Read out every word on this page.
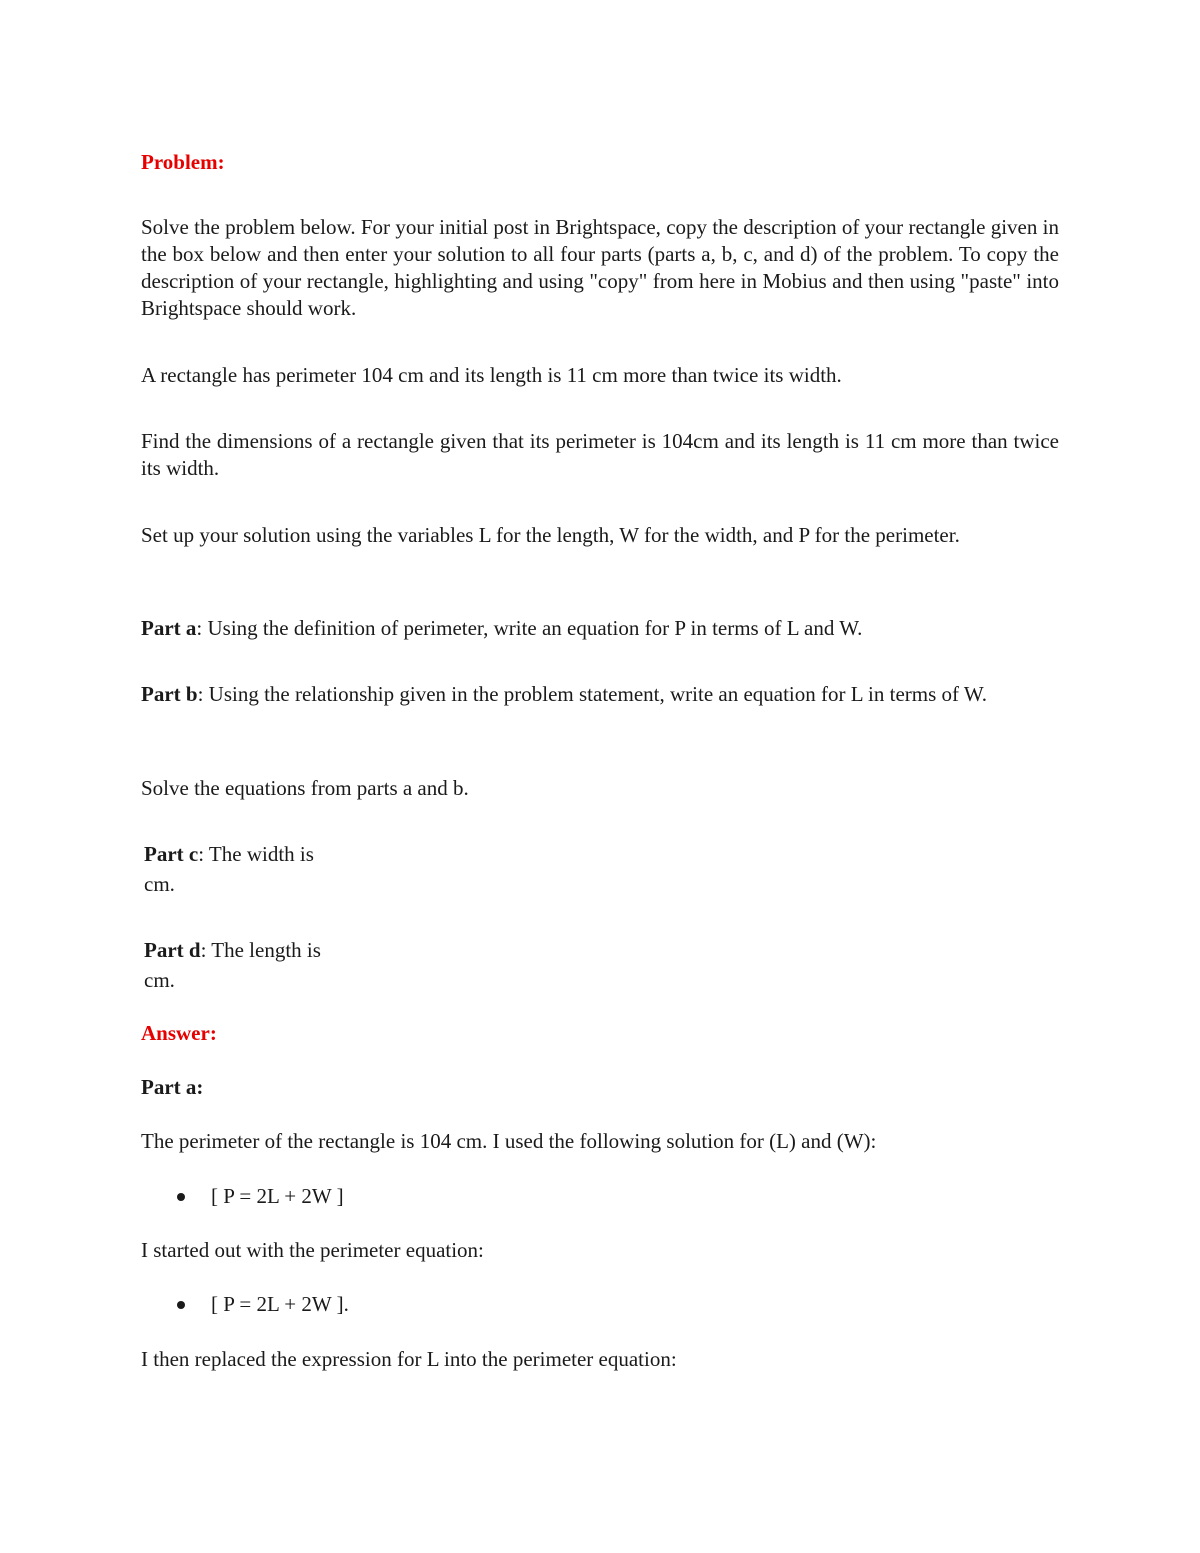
Problem:

Solve the problem below. For your initial post in Brightspace, copy the description of your rectangle given in the box below and then enter your solution to all four parts (parts a, b, c, and d) of the problem. To copy the description of your rectangle, highlighting and using "copy" from here in Mobius and then using "paste" into Brightspace should work.

A rectangle has perimeter 104 cm and its length is 11 cm more than twice its width.

Find the dimensions of a rectangle given that its perimeter is 104cm and its length is 11 cm more than twice its width.

Set up your solution using the variables L for the length, W for the width, and P for the perimeter.

Part a: Using the definition of perimeter, write an equation for P in terms of L and W.

Part b: Using the relationship given in the problem statement, write an equation for L in terms of W.

Solve the equations from parts a and b.

Part c: The width is
cm.

Part d: The length is
cm.

Answer:

Part a:

The perimeter of the rectangle is 104 cm. I used the following solution for (L) and (W):

[ P = 2L + 2W ]

I started out with the perimeter equation:

[ P = 2L + 2W ].

I then replaced the expression for L into the perimeter equation:
